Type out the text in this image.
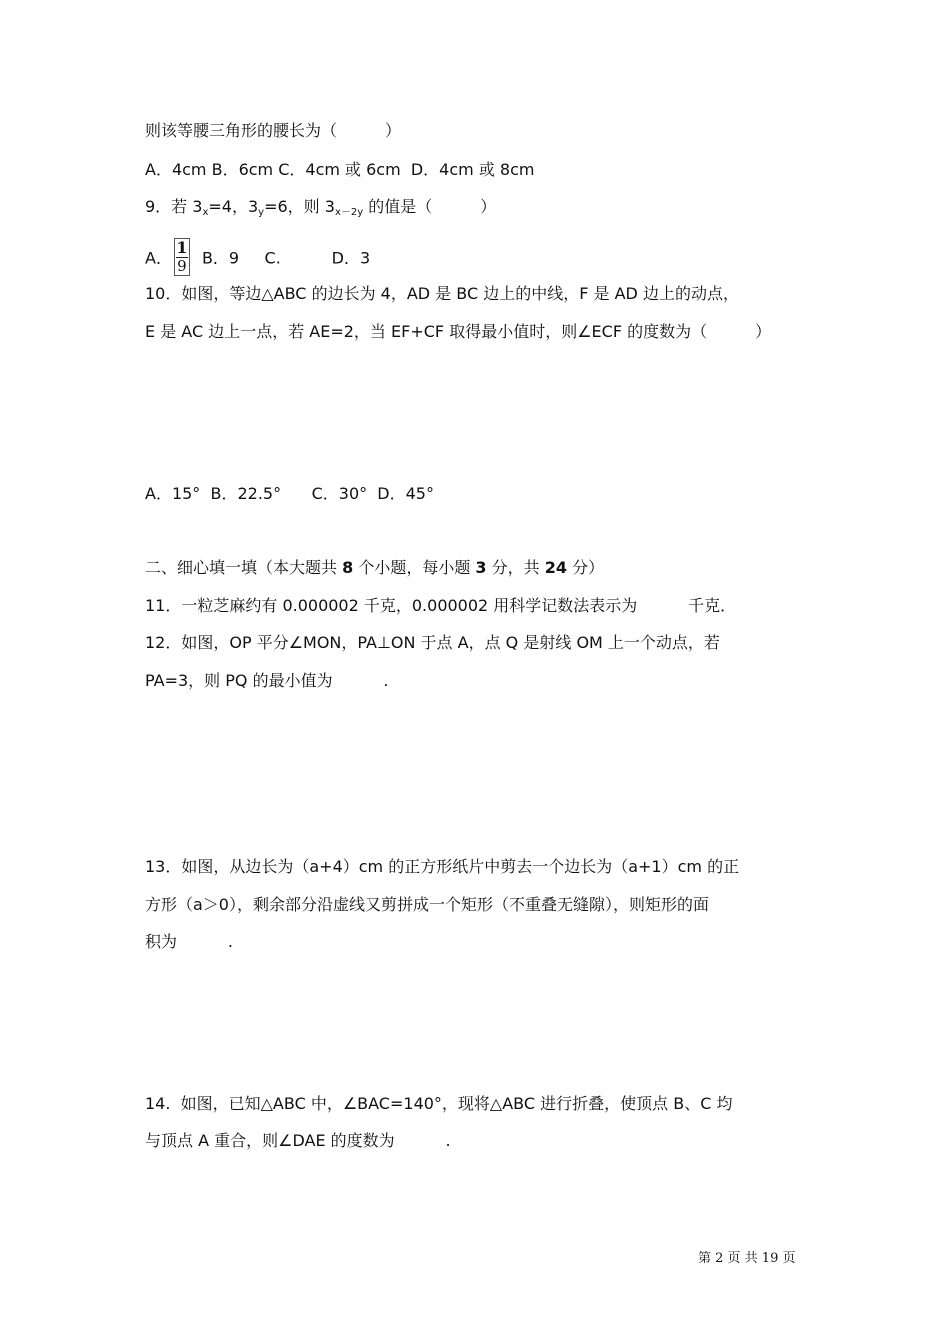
则该等腰三角形的腰长为（　　　）
A．4cm B．6cm C．4cm 或 6cm  D．4cm 或 8cm
9．若 $3_x=4$，$3_y=6$，则 $3_{x-2y}$ 的值是（　　　）
A． $\frac{1}{9}$ B．9     C.          D．3
10．如图，等边△ABC 的边长为 4，AD 是 BC 边上的中线，F 是 AD 边上的动点，
E 是 AC 边上一点，若 AE=2，当 EF+CF 取得最小值时，则∠ECF 的度数为（　　　）
A．15°  B．22.5°      C．30°  D．45°
二、细心填一填（本大题共 8 个小题，每小题 3 分，共 24 分）
11．一粒芝麻约有 0.000002 千克，0.000002 用科学记数法表示为          千克．
12．如图，OP 平分∠MON，PA⊥ON 于点 A，点 Q 是射线 OM 上一个动点，若
PA=3，则 PQ 的最小值为          .
13．如图，从边长为（a+4）cm 的正方形纸片中剪去一个边长为（a+1）cm 的正
方形（a＞0），剩余部分沿虚线又剪拼成一个矩形（不重叠无缝隙），则矩形的面
积为          .
14.  如图，已知△ABC 中，∠BAC=140°，现将△ABC 进行折叠，使顶点 B、C 均
与顶点 A 重合，则∠DAE 的度数为          .
第 2 页 共 19 页
